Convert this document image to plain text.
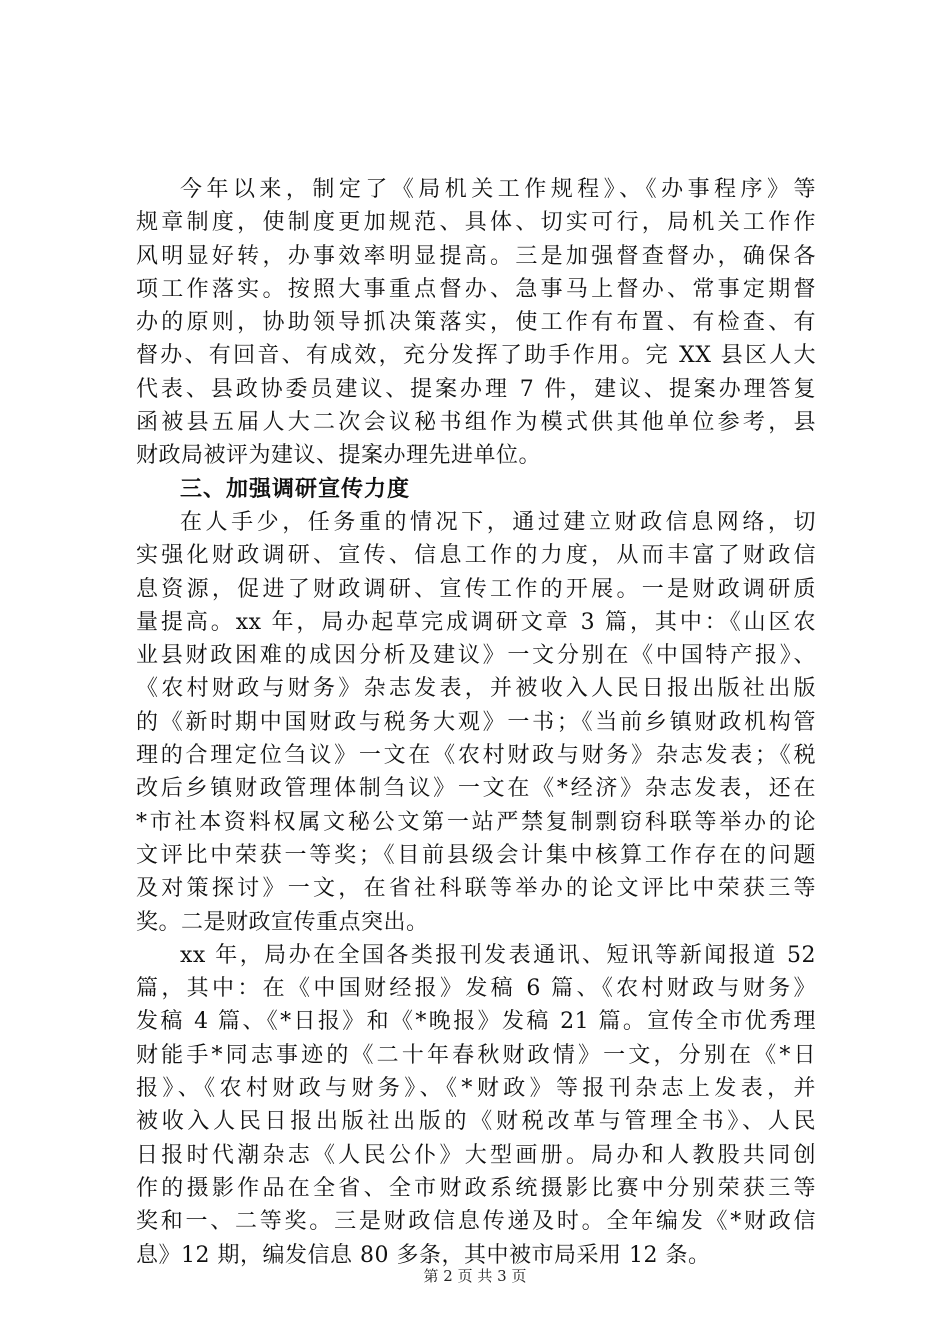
今年以来，制定了《局机关工作规程》、《办事程序》等
规章制度，使制度更加规范、具体、切实可行，局机关工作作
风明显好转，办事效率明显提高。三是加强督查督办，确保各
项工作落实。按照大事重点督办、急事马上督办、常事定期督
办的原则，协助领导抓决策落实，使工作有布置、有检查、有
督办、有回音、有成效，充分发挥了助手作用。完 XX 县区人大
代表、县政协委员建议、提案办理 7 件，建议、提案办理答复
函被县五届人大二次会议秘书组作为模式供其他单位参考，县
财政局被评为建议、提案办理先进单位。
三、加强调研宣传力度
在人手少，任务重的情况下，通过建立财政信息网络，切
实强化财政调研、宣传、信息工作的力度，从而丰富了财政信
息资源，促进了财政调研、宣传工作的开展。一是财政调研质
量提高。xx 年，局办起草完成调研文章 3 篇，其中：《山区农
业县财政困难的成因分析及建议》一文分别在《中国特产报》、
《农村财政与财务》杂志发表，并被收入人民日报出版社出版
的《新时期中国财政与税务大观》一书；《当前乡镇财政机构管
理的合理定位刍议》一文在《农村财政与财务》杂志发表；《税
改后乡镇财政管理体制刍议》一文在《*经济》杂志发表，还在
*市社本资料权属文秘公文第一站严禁复制剽窃科联等举办的论
文评比中荣获一等奖；《目前县级会计集中核算工作存在的问题
及对策探讨》一文，在省社科联等举办的论文评比中荣获三等
奖。二是财政宣传重点突出。
xx 年，局办在全国各类报刊发表通讯、短讯等新闻报道 52
篇，其中：在《中国财经报》发稿 6 篇、《农村财政与财务》
发稿 4 篇、《*日报》和《*晚报》发稿 21 篇。宣传全市优秀理
财能手*同志事迹的《二十年春秋财政情》一文，分别在《*日
报》、《农村财政与财务》、《*财政》等报刊杂志上发表，并
被收入人民日报出版社出版的《财税改革与管理全书》、人民
日报时代潮杂志《人民公仆》大型画册。局办和人教股共同创
作的摄影作品在全省、全市财政系统摄影比赛中分别荣获三等
奖和一、二等奖。三是财政信息传递及时。全年编发《*财政信
息》12 期，编发信息 80 多条，其中被市局采用 12 条。
第 2 页 共 3 页
